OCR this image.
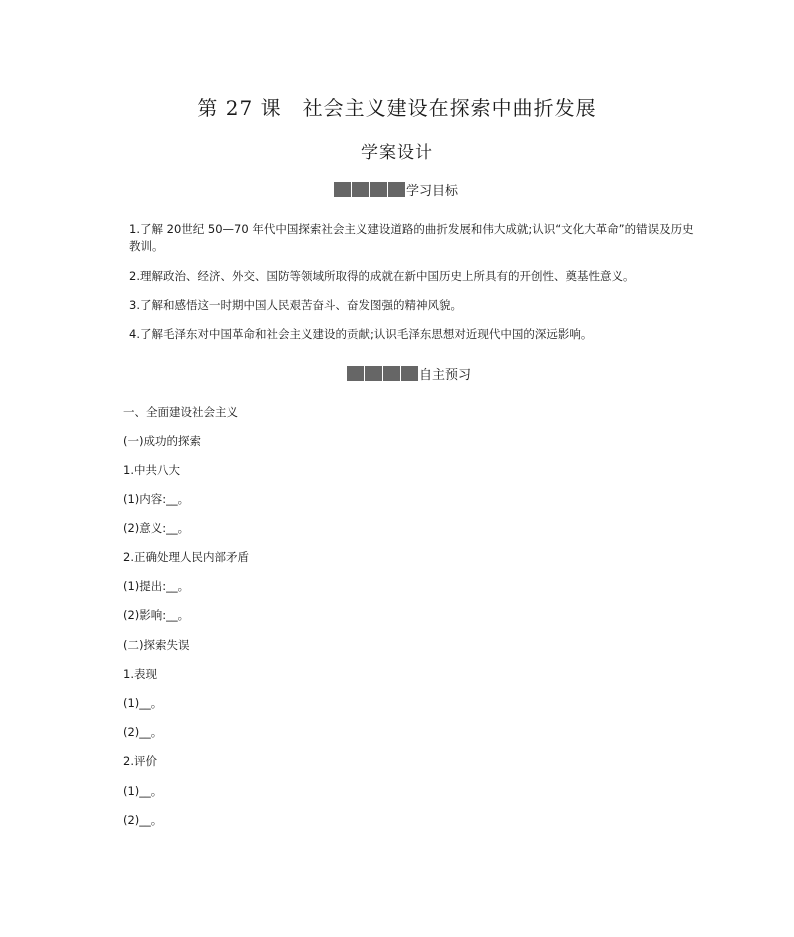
第 27 课　社会主义建设在探索中曲折发展
学案设计
学习目标
1.了解 20世纪 50—70 年代中国探索社会主义建设道路的曲折发展和伟大成就;认识“文化大革命”的错误及历史教训。
2.理解政治、经济、外交、国防等领域所取得的成就在新中国历史上所具有的开创性、奠基性意义。
3.了解和感悟这一时期中国人民艰苦奋斗、奋发图强的精神风貌。
4.了解毛泽东对中国革命和社会主义建设的贡献;认识毛泽东思想对近现代中国的深远影响。
自主预习
一、全面建设社会主义
(一)成功的探索
1.中共八大
(1)内容:__。
(2)意义:__。
2.正确处理人民内部矛盾
(1)提出:__。
(2)影响:__。
(二)探索失误
1.表现
(1)__。
(2)__。
2.评价
(1)__。
(2)__。
